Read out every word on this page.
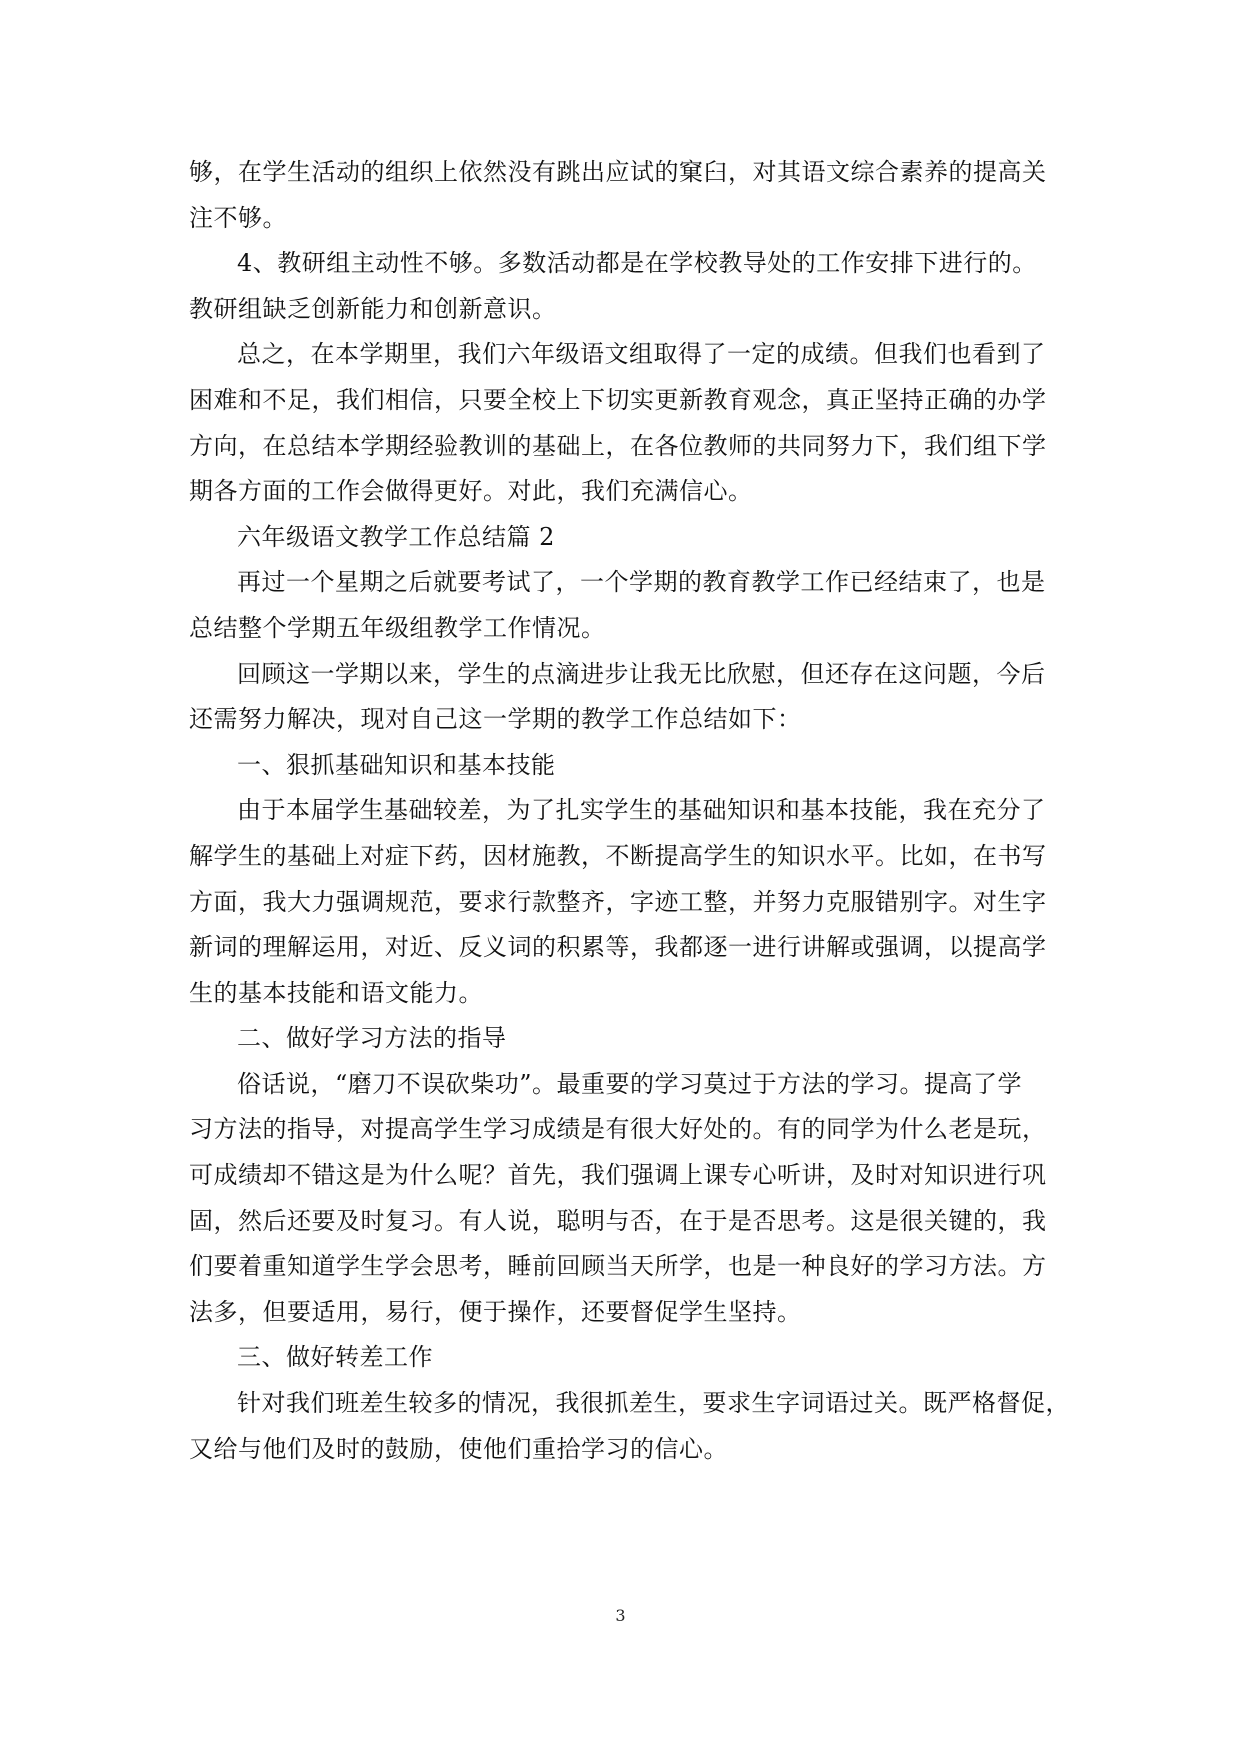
够，在学生活动的组织上依然没有跳出应试的窠臼，对其语文综合素养的提高关
注不够。
4、教研组主动性不够。多数活动都是在学校教导处的工作安排下进行的。
教研组缺乏创新能力和创新意识。
总之，在本学期里，我们六年级语文组取得了一定的成绩。但我们也看到了
困难和不足，我们相信，只要全校上下切实更新教育观念，真正坚持正确的办学
方向，在总结本学期经验教训的基础上，在各位教师的共同努力下，我们组下学
期各方面的工作会做得更好。对此，我们充满信心。
六年级语文教学工作总结篇 2
再过一个星期之后就要考试了，一个学期的教育教学工作已经结束了，也是
总结整个学期五年级组教学工作情况。
回顾这一学期以来，学生的点滴进步让我无比欣慰，但还存在这问题，今后
还需努力解决，现对自己这一学期的教学工作总结如下：
一、狠抓基础知识和基本技能
由于本届学生基础较差，为了扎实学生的基础知识和基本技能，我在充分了
解学生的基础上对症下药，因材施教，不断提高学生的知识水平。比如，在书写
方面，我大力强调规范，要求行款整齐，字迹工整，并努力克服错别字。对生字
新词的理解运用，对近、反义词的积累等，我都逐一进行讲解或强调，以提高学
生的基本技能和语文能力。
二、做好学习方法的指导
俗话说，“磨刀不误砍柴功”。最重要的学习莫过于方法的学习。提高了学
习方法的指导，对提高学生学习成绩是有很大好处的。有的同学为什么老是玩，
可成绩却不错这是为什么呢？首先，我们强调上课专心听讲，及时对知识进行巩
固，然后还要及时复习。有人说，聪明与否，在于是否思考。这是很关键的，我
们要着重知道学生学会思考，睡前回顾当天所学，也是一种良好的学习方法。方
法多，但要适用，易行，便于操作，还要督促学生坚持。
三、做好转差工作
针对我们班差生较多的情况，我很抓差生，要求生字词语过关。既严格督促，
又给与他们及时的鼓励，使他们重拾学习的信心。
3
